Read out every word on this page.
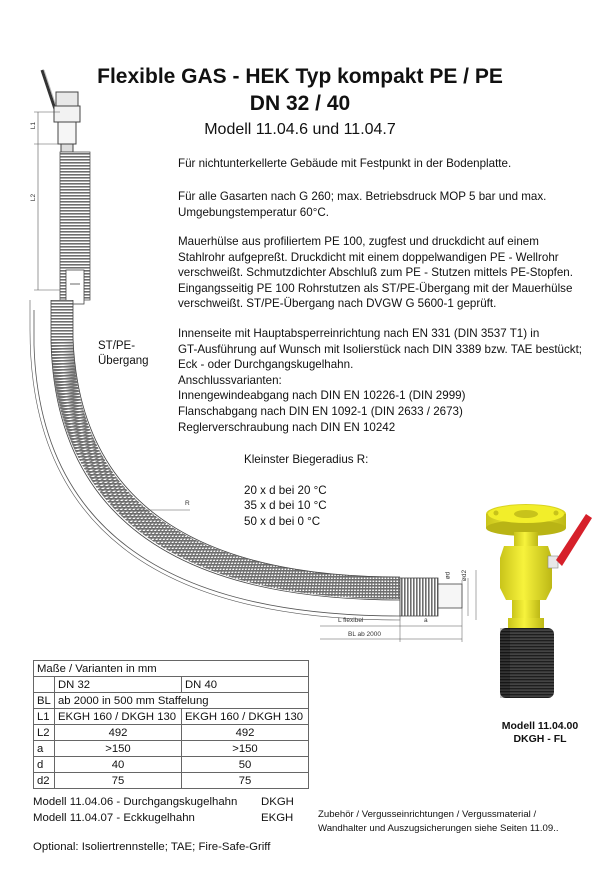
Flexible GAS - HEK Typ kompakt PE / PE
DN 32 / 40
Modell 11.04.6 und 11.04.7
L1
L2
ST/PE-
Übergang
R
ød ød2
L flexibel	a
BL ab 2000
Für nichtunterkellerte Gebäude mit Festpunkt in der Bodenplatte.
Für alle Gasarten nach G 260; max. Betriebsdruck MOP 5 bar und max.
Umgebungstemperatur 60°C.
Mauerhülse aus profiliertem PE 100, zugfest und druckdicht auf einem
Stahlrohr aufgepreßt. Druckdicht mit einem doppelwandigen PE - Wellrohr
verschweißt. Schmutzdichter Abschluß zum PE - Stutzen mittels PE-Stopfen.
Eingangsseitig PE 100 Rohrstutzen als ST/PE-Übergang mit der Mauerhülse
verschweißt. ST/PE-Übergang nach DVGW G 5600-1 geprüft.
Innenseite mit Hauptabsperreinrichtung nach EN 331 (DIN 3537 T1) in
GT-Ausführung auf Wunsch mit Isolierstück nach DIN 3389 bzw. TAE bestückt;
Eck - oder Durchgangskugelhahn.
Anschlussvarianten:
Innengewindeabgang nach DIN EN 10226-1 (DIN 2999)
Flanschabgang nach DIN EN 1092-1 (DIN 2633 / 2673)
Reglerverschraubung nach DIN EN 10242
Kleinster Biegeradius R:
20 x d bei 20 °C
35 x d bei 10 °C
50 x d bei 0 °C
Modell 11.04.00
DKGH - FL
Maße / Varianten in mm		
	DN 32	DN 40
BL	ab 2000 in 500 mm Staffelung	
L1	EKGH 160 / DKGH 130	EKGH 160 / DKGH 130
L2	492	492
a	>150	>150
d	40	50
d2	75	75
Modell 11.04.06 - Durchgangskugelhahn	DKGH
Modell 11.04.07 - Eckkugelhahn	EKGH	Zubehör / Vergusseinrichtungen / Vergussmaterial /
Wandhalter und Auszugsicherungen siehe Seiten 11.09..
Optional: Isoliertrennstelle; TAE; Fire-Safe-Griff
